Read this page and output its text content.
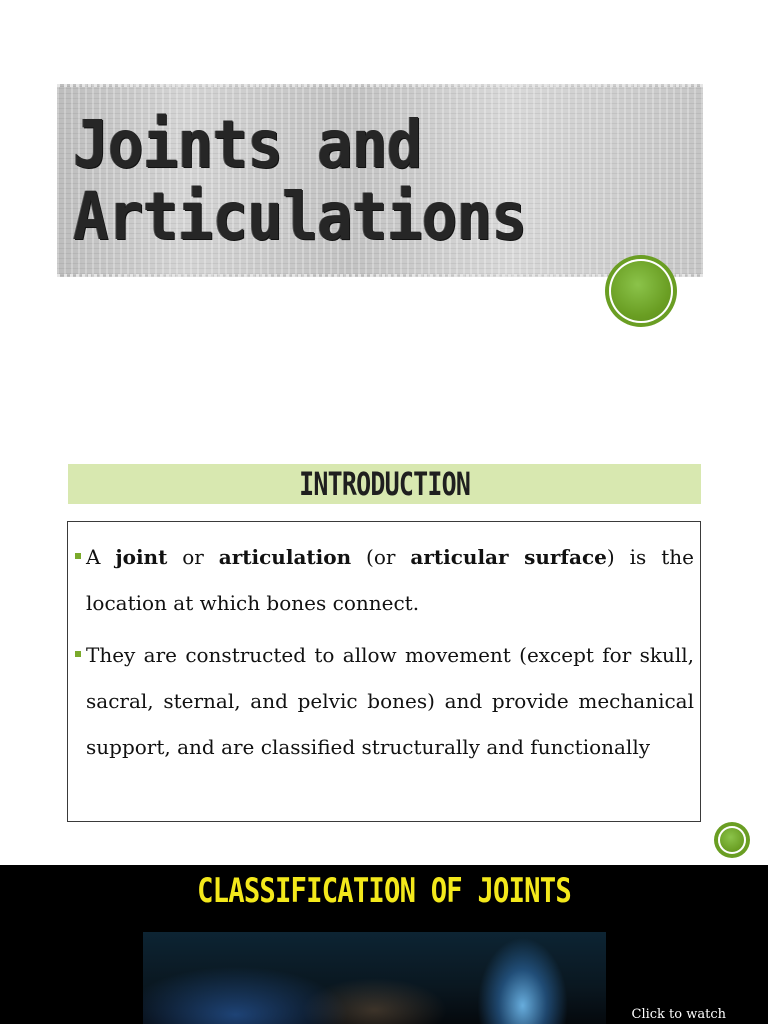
Joints and
Articulations
INTRODUCTION

A joint or articulation (or articular surface) is the location at which bones connect.

They are constructed to allow movement (except for skull, sacral, sternal, and pelvic bones) and provide mechanical support, and are classified structurally and functionally

CLASSIFICATION OF JOINTS
Click to watch
